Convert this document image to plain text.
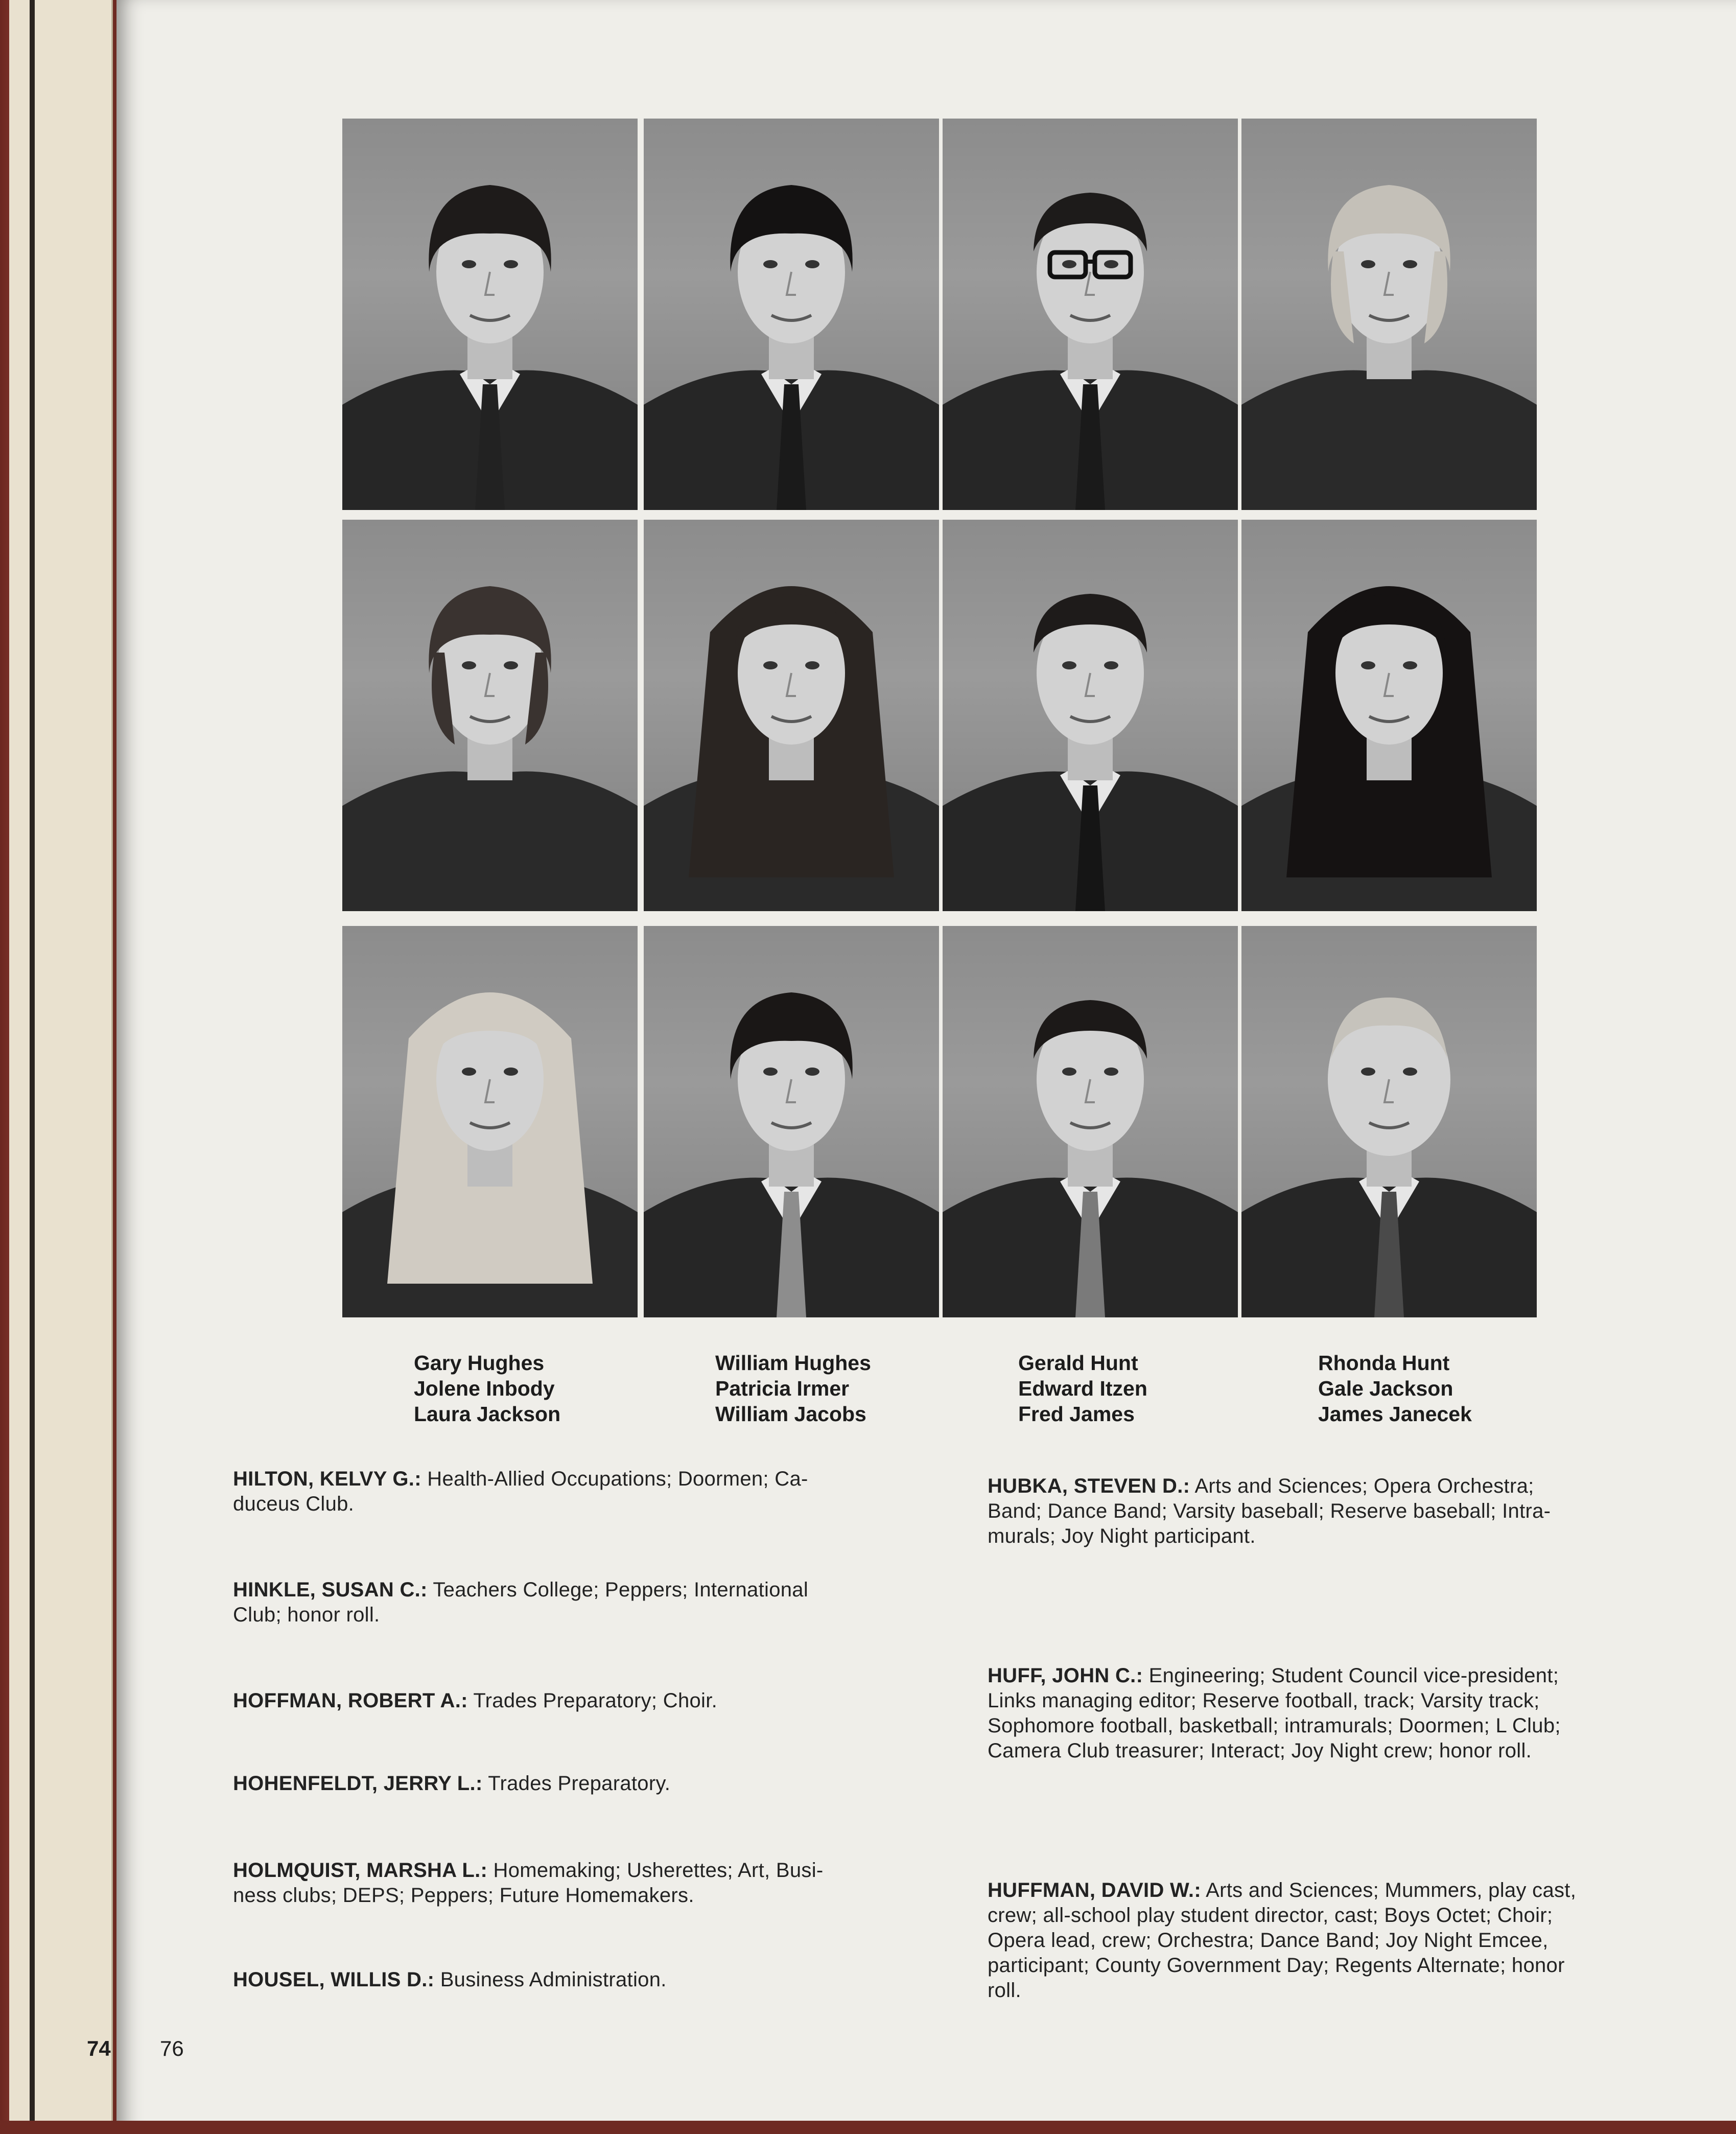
74
Gary Hughes
Jolene Inbody
Laura Jackson
William Hughes
Patricia Irmer
William Jacobs
Gerald Hunt
Edward Itzen
Fred James
Rhonda Hunt
Gale Jackson
James Janecek
HILTON, KELVY G.: Health-Allied Occupations; Doormen; Ca-
duceus Club.
HINKLE, SUSAN C.: Teachers College; Peppers; International
Club; honor roll.
HOFFMAN, ROBERT A.: Trades Preparatory; Choir.
HOHENFELDT, JERRY L.: Trades Preparatory.
HOLMQUIST, MARSHA L.: Homemaking; Usherettes; Art, Busi-
ness clubs; DEPS; Peppers; Future Homemakers.
HOUSEL, WILLIS D.: Business Administration.
HUBKA, STEVEN D.: Arts and Sciences; Opera Orchestra;
Band; Dance Band; Varsity baseball; Reserve baseball; Intra-
murals; Joy Night participant.
HUFF, JOHN C.: Engineering; Student Council vice-president;
Links managing editor; Reserve football, track; Varsity track;
Sophomore football, basketball; intramurals; Doormen; L Club;
Camera Club treasurer; Interact; Joy Night crew; honor roll.
HUFFMAN, DAVID W.: Arts and Sciences; Mummers, play cast,
crew; all-school play student director, cast; Boys Octet; Choir;
Opera lead, crew; Orchestra; Dance Band; Joy Night Emcee,
participant; County Government Day; Regents Alternate; honor
roll.
76
